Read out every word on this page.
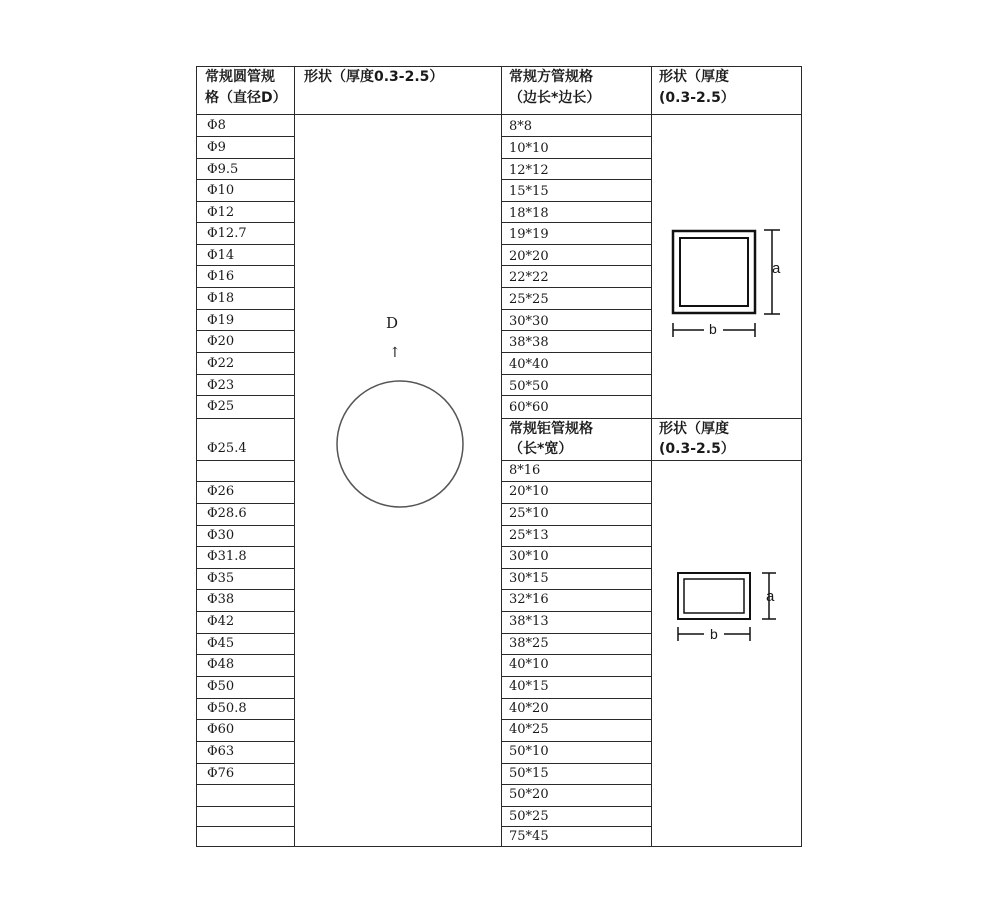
常规圆管规
格（直径D）
形状（厚度0.3-2.5）	常规方管规格
（边长*边长）
形状（厚度
(0.3-2.5）
常规钜管规格
（长*宽）
形状（厚度
(0.3-2.5）
Φ8
Φ9
Φ9.5
Φ10
Φ12
Φ12.7
Φ14
Φ16
Φ18
Φ19
Φ20
Φ22
Φ23
Φ25
Φ25.4
Φ26
Φ28.6
Φ30
Φ31.8
Φ35
Φ38
Φ42
Φ45
Φ48
Φ50
Φ50.8
Φ60
Φ63
Φ76
8*8
10*10
12*12
15*15
18*18
19*19
20*20
22*22
25*25
30*30
38*38
40*40
50*50
60*60
8*16
20*10
25*10
25*13
30*10
30*15
32*16
38*13
38*25
40*10
40*15
40*20
40*25
50*10
50*15
50*20
50*25
75*45
D
↑
a
b
a
b
